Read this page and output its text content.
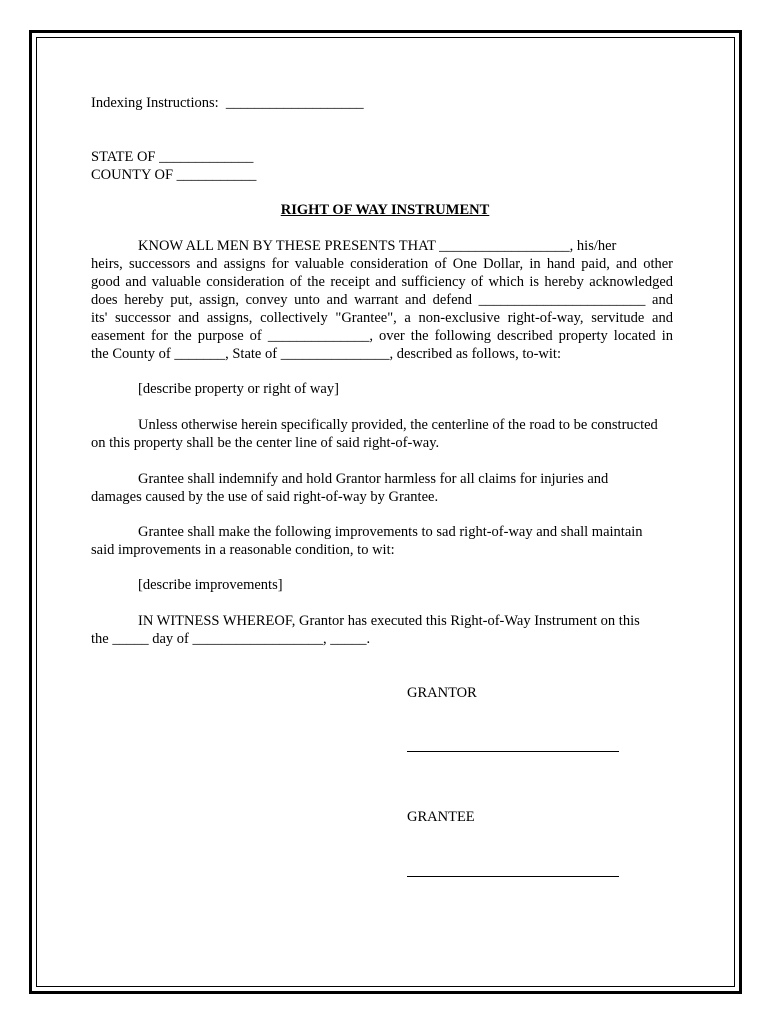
Indexing Instructions:  ___________________
STATE OF _____________
COUNTY OF ___________
RIGHT OF WAY INSTRUMENT
KNOW ALL MEN BY THESE PRESENTS THAT __________________, his/her
heirs, successors and assigns for valuable consideration of One Dollar, in hand paid, and other
good and valuable consideration of the receipt and sufficiency of which is hereby acknowledged
does hereby put, assign, convey unto and warrant and defend _______________________ and
its' successor and assigns, collectively "Grantee", a non-exclusive right-of-way, servitude and
easement for the purpose of ______________, over the following described property located in
the County of _______, State of _______________, described as follows, to-wit:
[describe property or right of way]
Unless otherwise herein specifically provided, the centerline of the road to be constructed
on this property shall be the center line of said right-of-way.
Grantee shall indemnify and hold Grantor harmless for all claims for injuries and
damages caused by the use of said right-of-way by Grantee.
Grantee shall make the following improvements to sad right-of-way and shall maintain
said improvements in a reasonable condition, to wit:
[describe improvements]
IN WITNESS WHEREOF, Grantor has executed this Right-of-Way Instrument on this
the _____ day of __________________, _____.
GRANTOR
GRANTEE
